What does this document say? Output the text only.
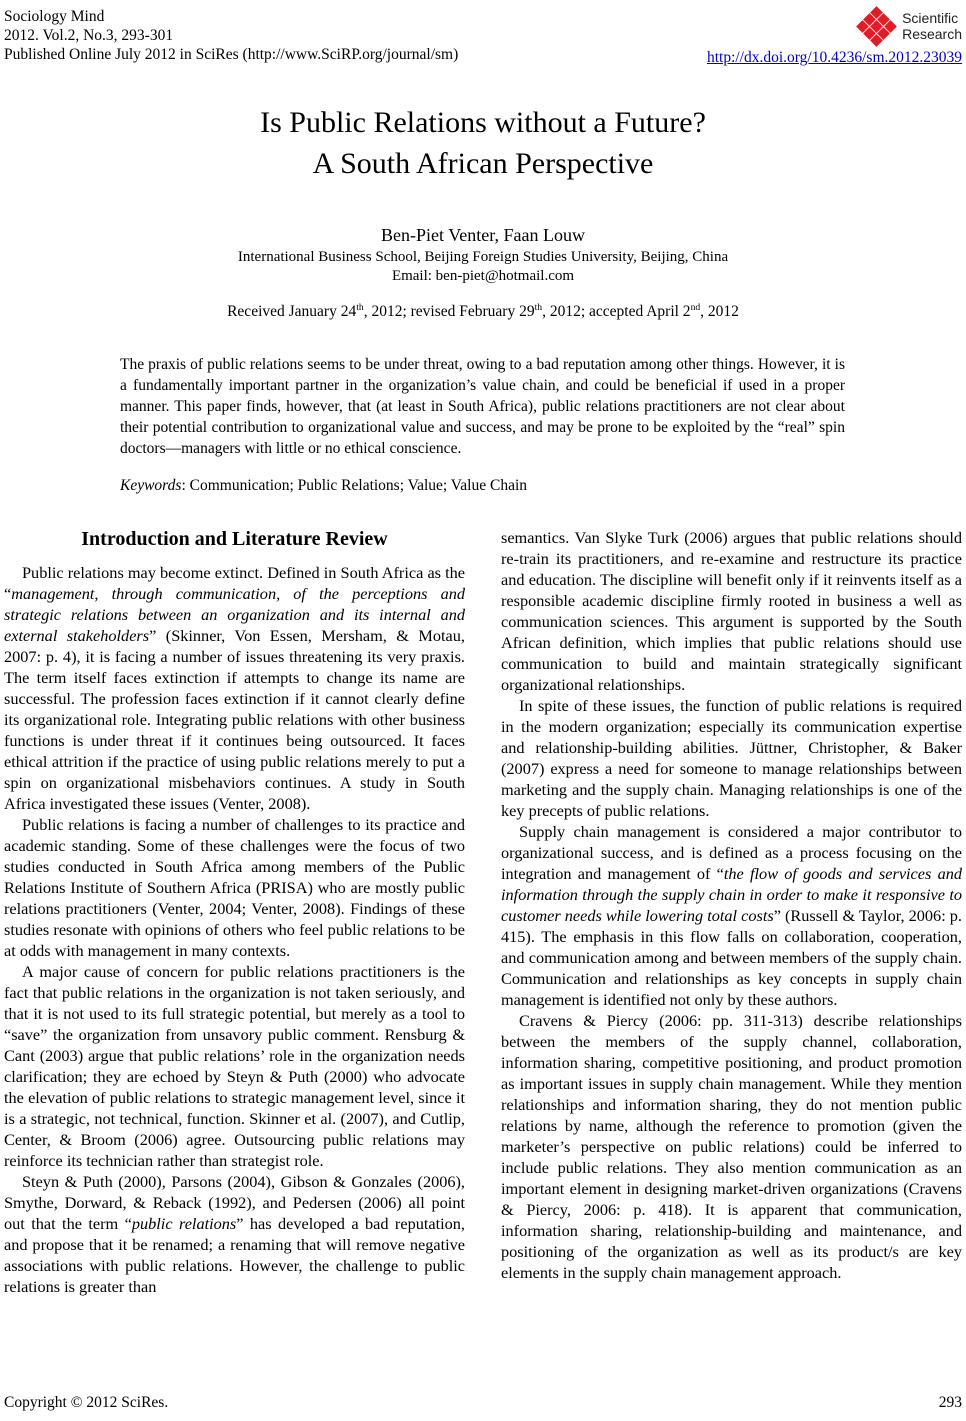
Sociology Mind
2012. Vol.2, No.3, 293-301
Published Online July 2012 in SciRes (http://www.SciRP.org/journal/sm)
Scientific
Research
http://dx.doi.org/10.4236/sm.2012.23039
Is Public Relations without a Future?
A South African Perspective
Ben-Piet Venter, Faan Louw
International Business School, Beijing Foreign Studies University, Beijing, China
Email: ben-piet@hotmail.com
Received January 24th, 2012; revised February 29th, 2012; accepted April 2nd, 2012
The praxis of public relations seems to be under threat, owing to a bad reputation among other things. However, it is a fundamentally important partner in the organization’s value chain, and could be beneficial if used in a proper manner. This paper finds, however, that (at least in South Africa), public relations practitioners are not clear about their potential contribution to organizational value and success, and may be prone to be exploited by the “real” spin doctors—managers with little or no ethical conscience.
Keywords: Communication; Public Relations; Value; Value Chain
Introduction and Literature Review

Public relations may become extinct. Defined in South Africa as the “management, through communication, of the perceptions and strategic relations between an organization and its internal and external stakeholders” (Skinner, Von Essen, Mersham, & Motau, 2007: p. 4), it is facing a number of issues threatening its very praxis. The term itself faces extinction if attempts to change its name are successful. The profession faces extinction if it cannot clearly define its organizational role. Integrating public relations with other business functions is under threat if it continues being outsourced. It faces ethical attrition if the practice of using public relations merely to put a spin on organizational misbehaviors continues. A study in South Africa investigated these issues (Venter, 2008).

Public relations is facing a number of challenges to its practice and academic standing. Some of these challenges were the focus of two studies conducted in South Africa among members of the Public Relations Institute of Southern Africa (PRISA) who are mostly public relations practitioners (Venter, 2004; Venter, 2008). Findings of these studies resonate with opinions of others who feel public relations to be at odds with management in many contexts.

A major cause of concern for public relations practitioners is the fact that public relations in the organization is not taken seriously, and that it is not used to its full strategic potential, but merely as a tool to “save” the organization from unsavory public comment. Rensburg & Cant (2003) argue that public relations’ role in the organization needs clarification; they are echoed by Steyn & Puth (2000) who advocate the elevation of public relations to strategic management level, since it is a strategic, not technical, function. Skinner et al. (2007), and Cutlip, Center, & Broom (2006) agree. Outsourcing public relations may reinforce its technician rather than strategist role.

Steyn & Puth (2000), Parsons (2004), Gibson & Gonzales (2006), Smythe, Dorward, & Reback (1992), and Pedersen (2006) all point out that the term “public relations” has developed a bad reputation, and propose that it be renamed; a renaming that will remove negative associations with public relations. However, the challenge to public relations is greater than

semantics. Van Slyke Turk (2006) argues that public relations should re-train its practitioners, and re-examine and restructure its practice and education. The discipline will benefit only if it reinvents itself as a responsible academic discipline firmly rooted in business a well as communication sciences. This argument is supported by the South African definition, which implies that public relations should use communication to build and maintain strategically significant organizational relationships.

In spite of these issues, the function of public relations is required in the modern organization; especially its communication expertise and relationship-building abilities. Jüttner, Christopher, & Baker (2007) express a need for someone to manage relationships between marketing and the supply chain. Managing relationships is one of the key precepts of public relations.

Supply chain management is considered a major contributor to organizational success, and is defined as a process focusing on the integration and management of “the flow of goods and services and information through the supply chain in order to make it responsive to customer needs while lowering total costs” (Russell & Taylor, 2006: p. 415). The emphasis in this flow falls on collaboration, cooperation, and communication among and between members of the supply chain. Communication and relationships as key concepts in supply chain management is identified not only by these authors.

Cravens & Piercy (2006: pp. 311-313) describe relationships between the members of the supply channel, collaboration, information sharing, competitive positioning, and product promotion as important issues in supply chain management. While they mention relationships and information sharing, they do not mention public relations by name, although the reference to promotion (given the marketer’s perspective on public relations) could be inferred to include public relations. They also mention communication as an important element in designing market-driven organizations (Cravens & Piercy, 2006: p. 418). It is apparent that communication, information sharing, relationship-building and maintenance, and positioning of the organization as well as its product/s are key elements in the supply chain management approach.

Copyright © 2012 SciRes.	293
